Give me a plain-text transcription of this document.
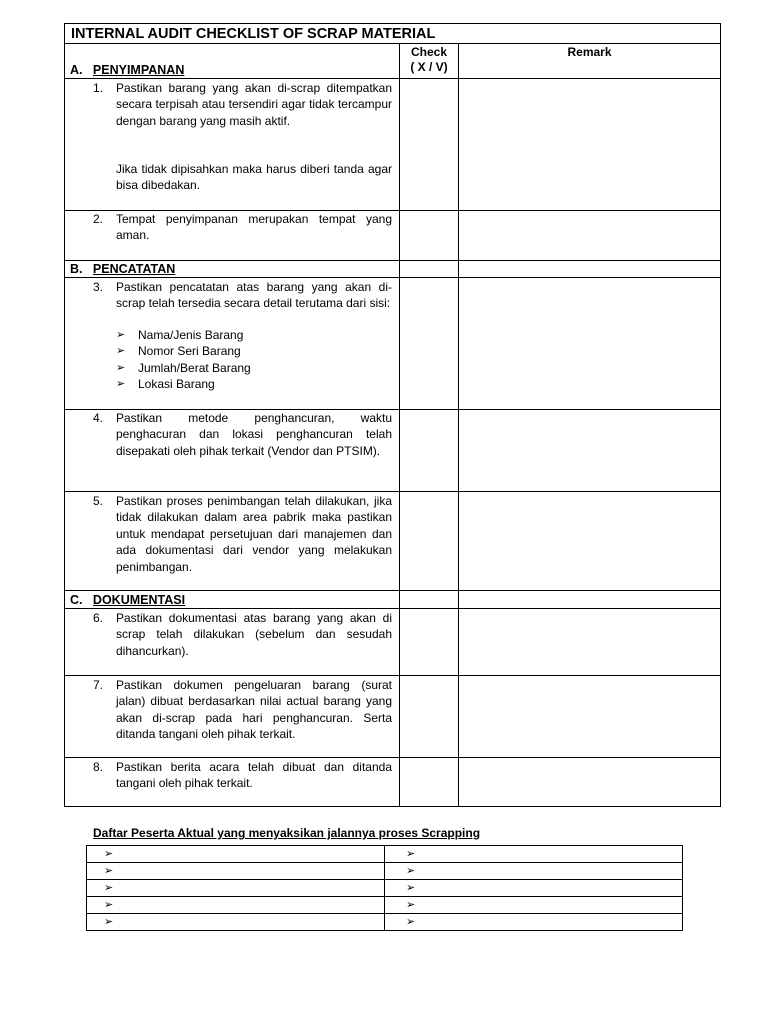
INTERNAL AUDIT CHECKLIST OF SCRAP MATERIAL
Check
( X / V)
Remark
A. PENYIMPANAN
1. Pastikan barang yang akan di-scrap ditempatkan secara terpisah atau tersendiri agar tidak tercampur dengan barang yang masih aktif.
Jika tidak dipisahkan maka harus diberi tanda agar bisa dibedakan.
2. Tempat penyimpanan merupakan tempat yang aman.
B. PENCATATAN
3. Pastikan pencatatan atas barang yang akan di-scrap telah tersedia secara detail terutama dari sisi:
➢ Nama/Jenis Barang
➢ Nomor Seri Barang
➢ Jumlah/Berat Barang
➢ Lokasi Barang
4. Pastikan metode penghancuran, waktu penghacuran dan lokasi penghancuran telah disepakati oleh pihak terkait (Vendor dan PTSIM).
5. Pastikan proses penimbangan telah dilakukan, jika tidak dilakukan dalam area pabrik maka pastikan untuk mendapat persetujuan dari manajemen dan ada dokumentasi dari vendor yang melakukan penimbangan.
C. DOKUMENTASI
6. Pastikan dokumentasi atas barang yang akan di scrap telah dilakukan (sebelum dan sesudah dihancurkan).
7. Pastikan dokumen pengeluaran barang (surat jalan) dibuat berdasarkan nilai actual barang yang akan di-scrap pada hari penghancuran. Serta ditanda tangani oleh pihak terkait.
8. Pastikan berita acara telah dibuat dan ditanda tangani oleh pihak terkait.
Daftar Peserta Aktual yang menyaksikan jalannya proses Scrapping
➢
➢
➢
➢
➢
➢
➢
➢
➢
➢
